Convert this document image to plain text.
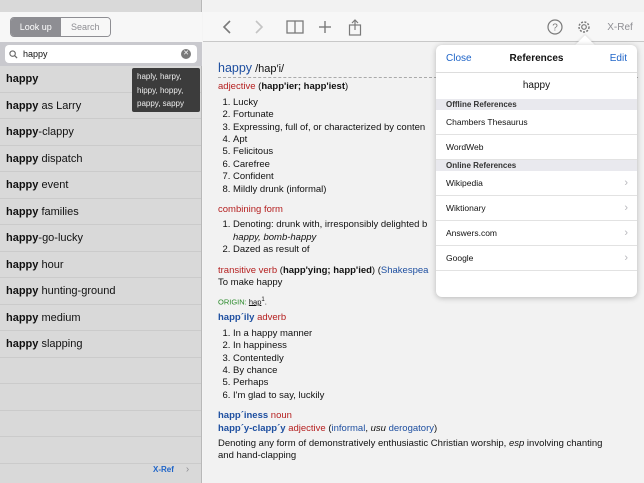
Look up	Search
happy
✕
happy
happy as Larry
happy-clappy
happy dispatch
happy event
happy families
happy-go-lucky
happy hour
happy hunting-ground
happy medium
happy slapping
haply, harpy,
hippy, hoppy,
pappy, sappy
X-Ref ›
?	X-Ref
happy /hap′i/
adjective (happ'ier; happ'iest)
1. Lucky
2. Fortunate
3. Expressing, full of, or characterized by conten
4. Apt
5. Felicitous
6. Carefree
7. Confident
8. Mildly drunk (informal)
combining form
1. Denoting: drunk with, irresponsibly delighted b
happy, bomb-happy
2. Dazed as result of
transitive verb (happ'ying; happ'ied) (Shakespea
To make happy
ORIGIN: hap$^1$.
happ´ily adverb
1. In a happy manner
2. In happiness
3. Contentedly
4. By chance
5. Perhaps
6. I'm glad to say, luckily
happ´iness noun
happ´y-clapp´y adjective (informal, usu derogatory)
Denoting any form of demonstratively enthusiastic Christian worship, esp involving chanting
and hand-clapping
References
Close	Edit
happy
Offline References
Chambers Thesaurus
WordWeb
Online References
Wikipedia	›
Wiktionary	›
Answers.com	›
Google	›
